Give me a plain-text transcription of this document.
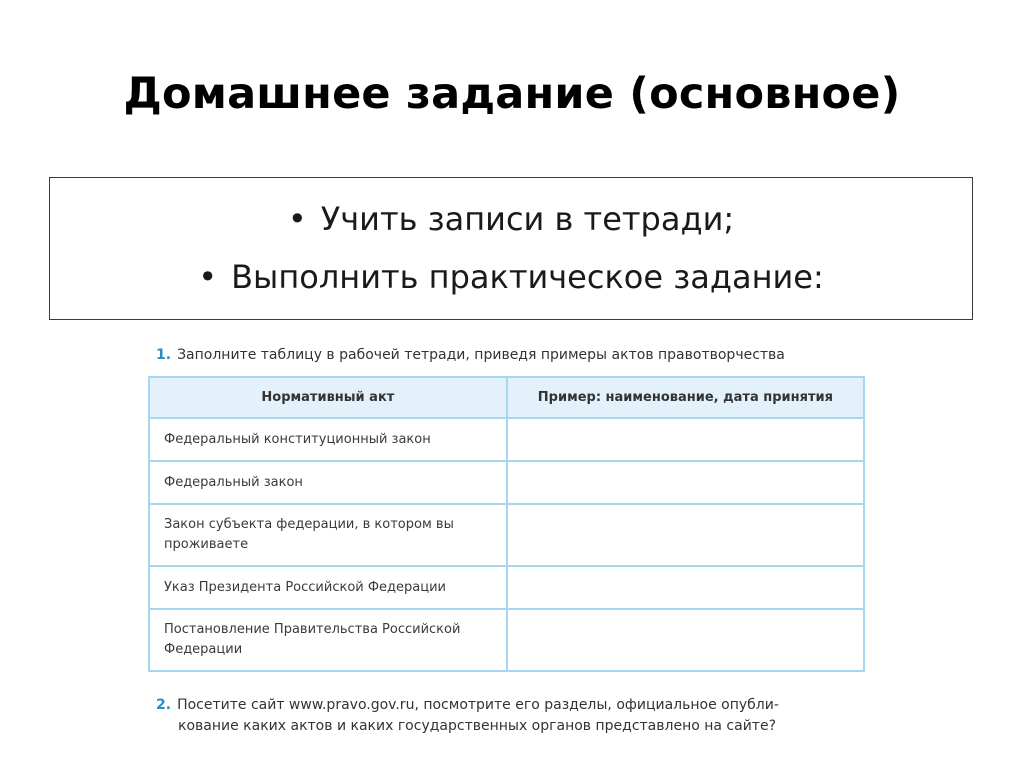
Домашнее задание (основное)
• Учить записи в тетради;
• Выполнить практическое задание:
1. Заполните таблицу в рабочей тетради, приведя примеры актов правотворчества
Нормативный акт	Пример: наименование, дата принятия
Федеральный конституционный закон	
Федеральный закон	
Закон субъекта федерации, в котором вы проживаете	
Указ Президента Российской Федерации	
Постановление Правительства Российской Федерации	
2. Посетите сайт www.pravo.gov.ru, посмотрите его разделы, официальное опубли-
кование каких актов и каких государственных органов представлено на сайте?
